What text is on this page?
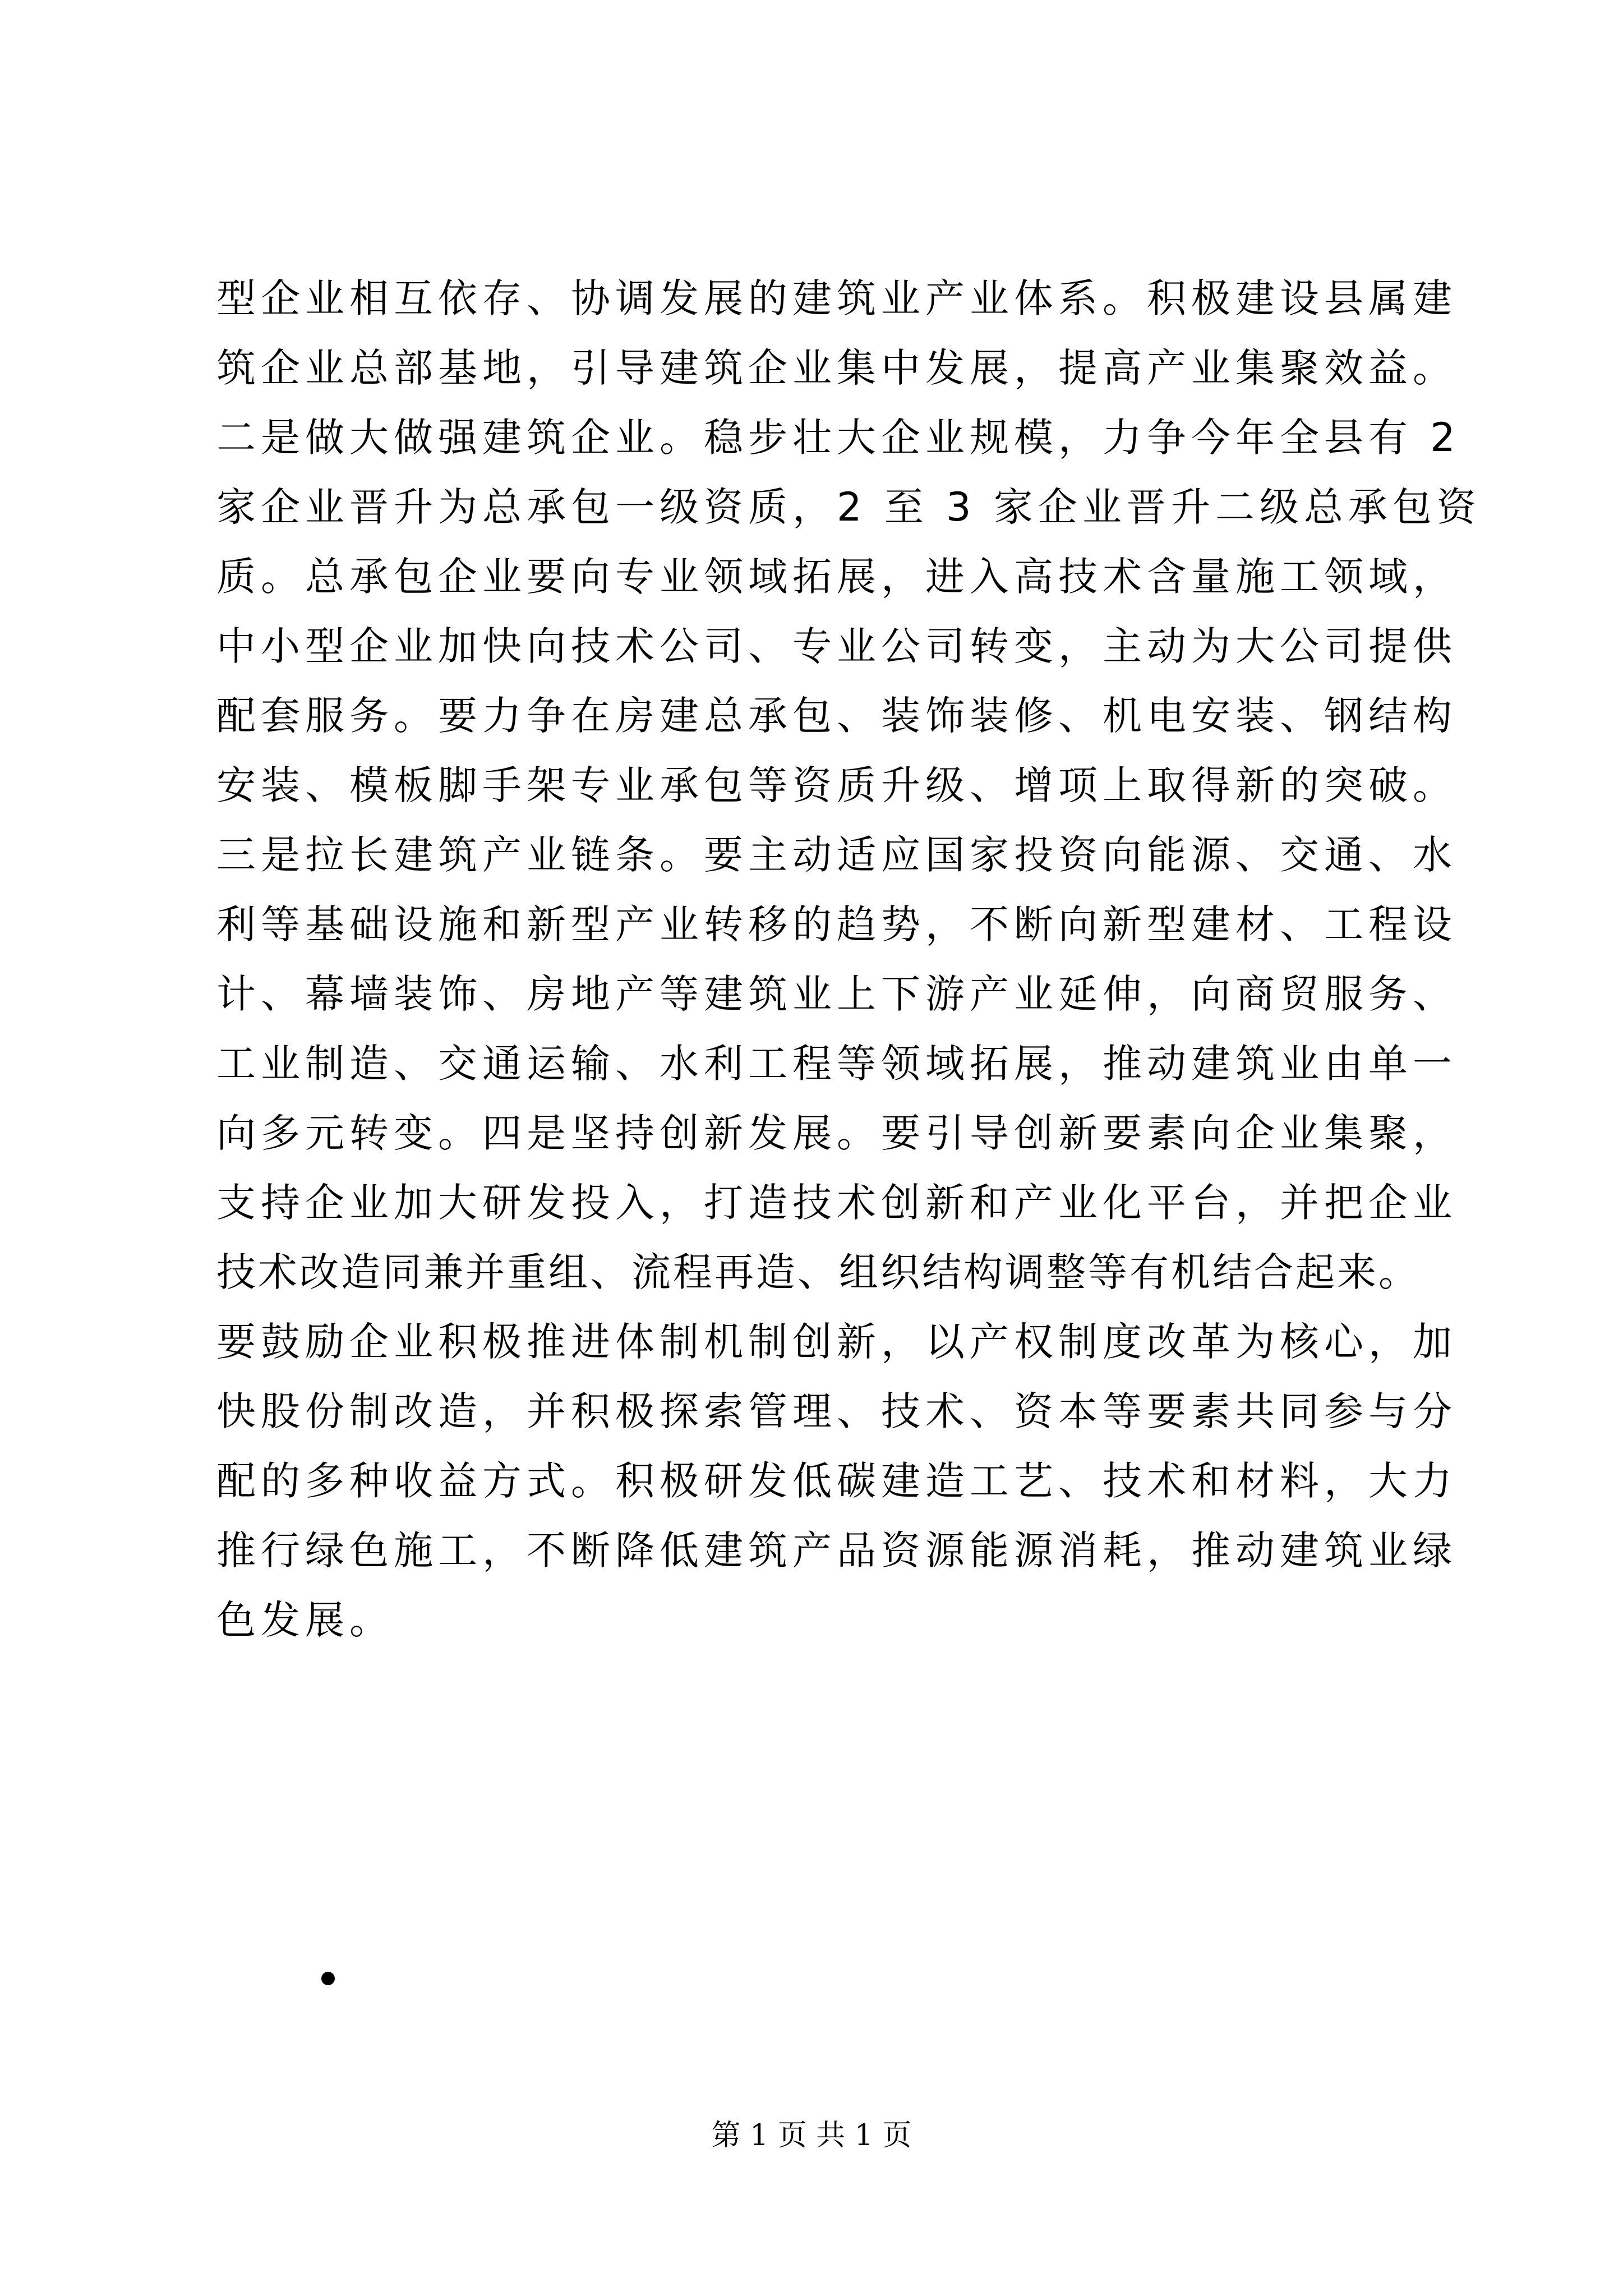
型企业相互依存、协调发展的建筑业产业体系。积极建设县属建
筑企业总部基地，引导建筑企业集中发展，提高产业集聚效益。
二是做大做强建筑企业。稳步壮大企业规模，力争今年全县有 2
家企业晋升为总承包一级资质，2 至 3 家企业晋升二级总承包资
质。总承包企业要向专业领域拓展，进入高技术含量施工领域，
中小型企业加快向技术公司、专业公司转变，主动为大公司提供
配套服务。要力争在房建总承包、装饰装修、机电安装、钢结构
安装、模板脚手架专业承包等资质升级、增项上取得新的突破。
三是拉长建筑产业链条。要主动适应国家投资向能源、交通、水
利等基础设施和新型产业转移的趋势，不断向新型建材、工程设
计、幕墙装饰、房地产等建筑业上下游产业延伸，向商贸服务、
工业制造、交通运输、水利工程等领域拓展，推动建筑业由单一
向多元转变。四是坚持创新发展。要引导创新要素向企业集聚，
支持企业加大研发投入，打造技术创新和产业化平台，并把企业
技术改造同兼并重组、流程再造、组织结构调整等有机结合起来。
要鼓励企业积极推进体制机制创新，以产权制度改革为核心，加
快股份制改造，并积极探索管理、技术、资本等要素共同参与分
配的多种收益方式。积极研发低碳建造工艺、技术和材料，大力
推行绿色施工，不断降低建筑产品资源能源消耗，推动建筑业绿
色发展。
第 1 页 共 1 页
